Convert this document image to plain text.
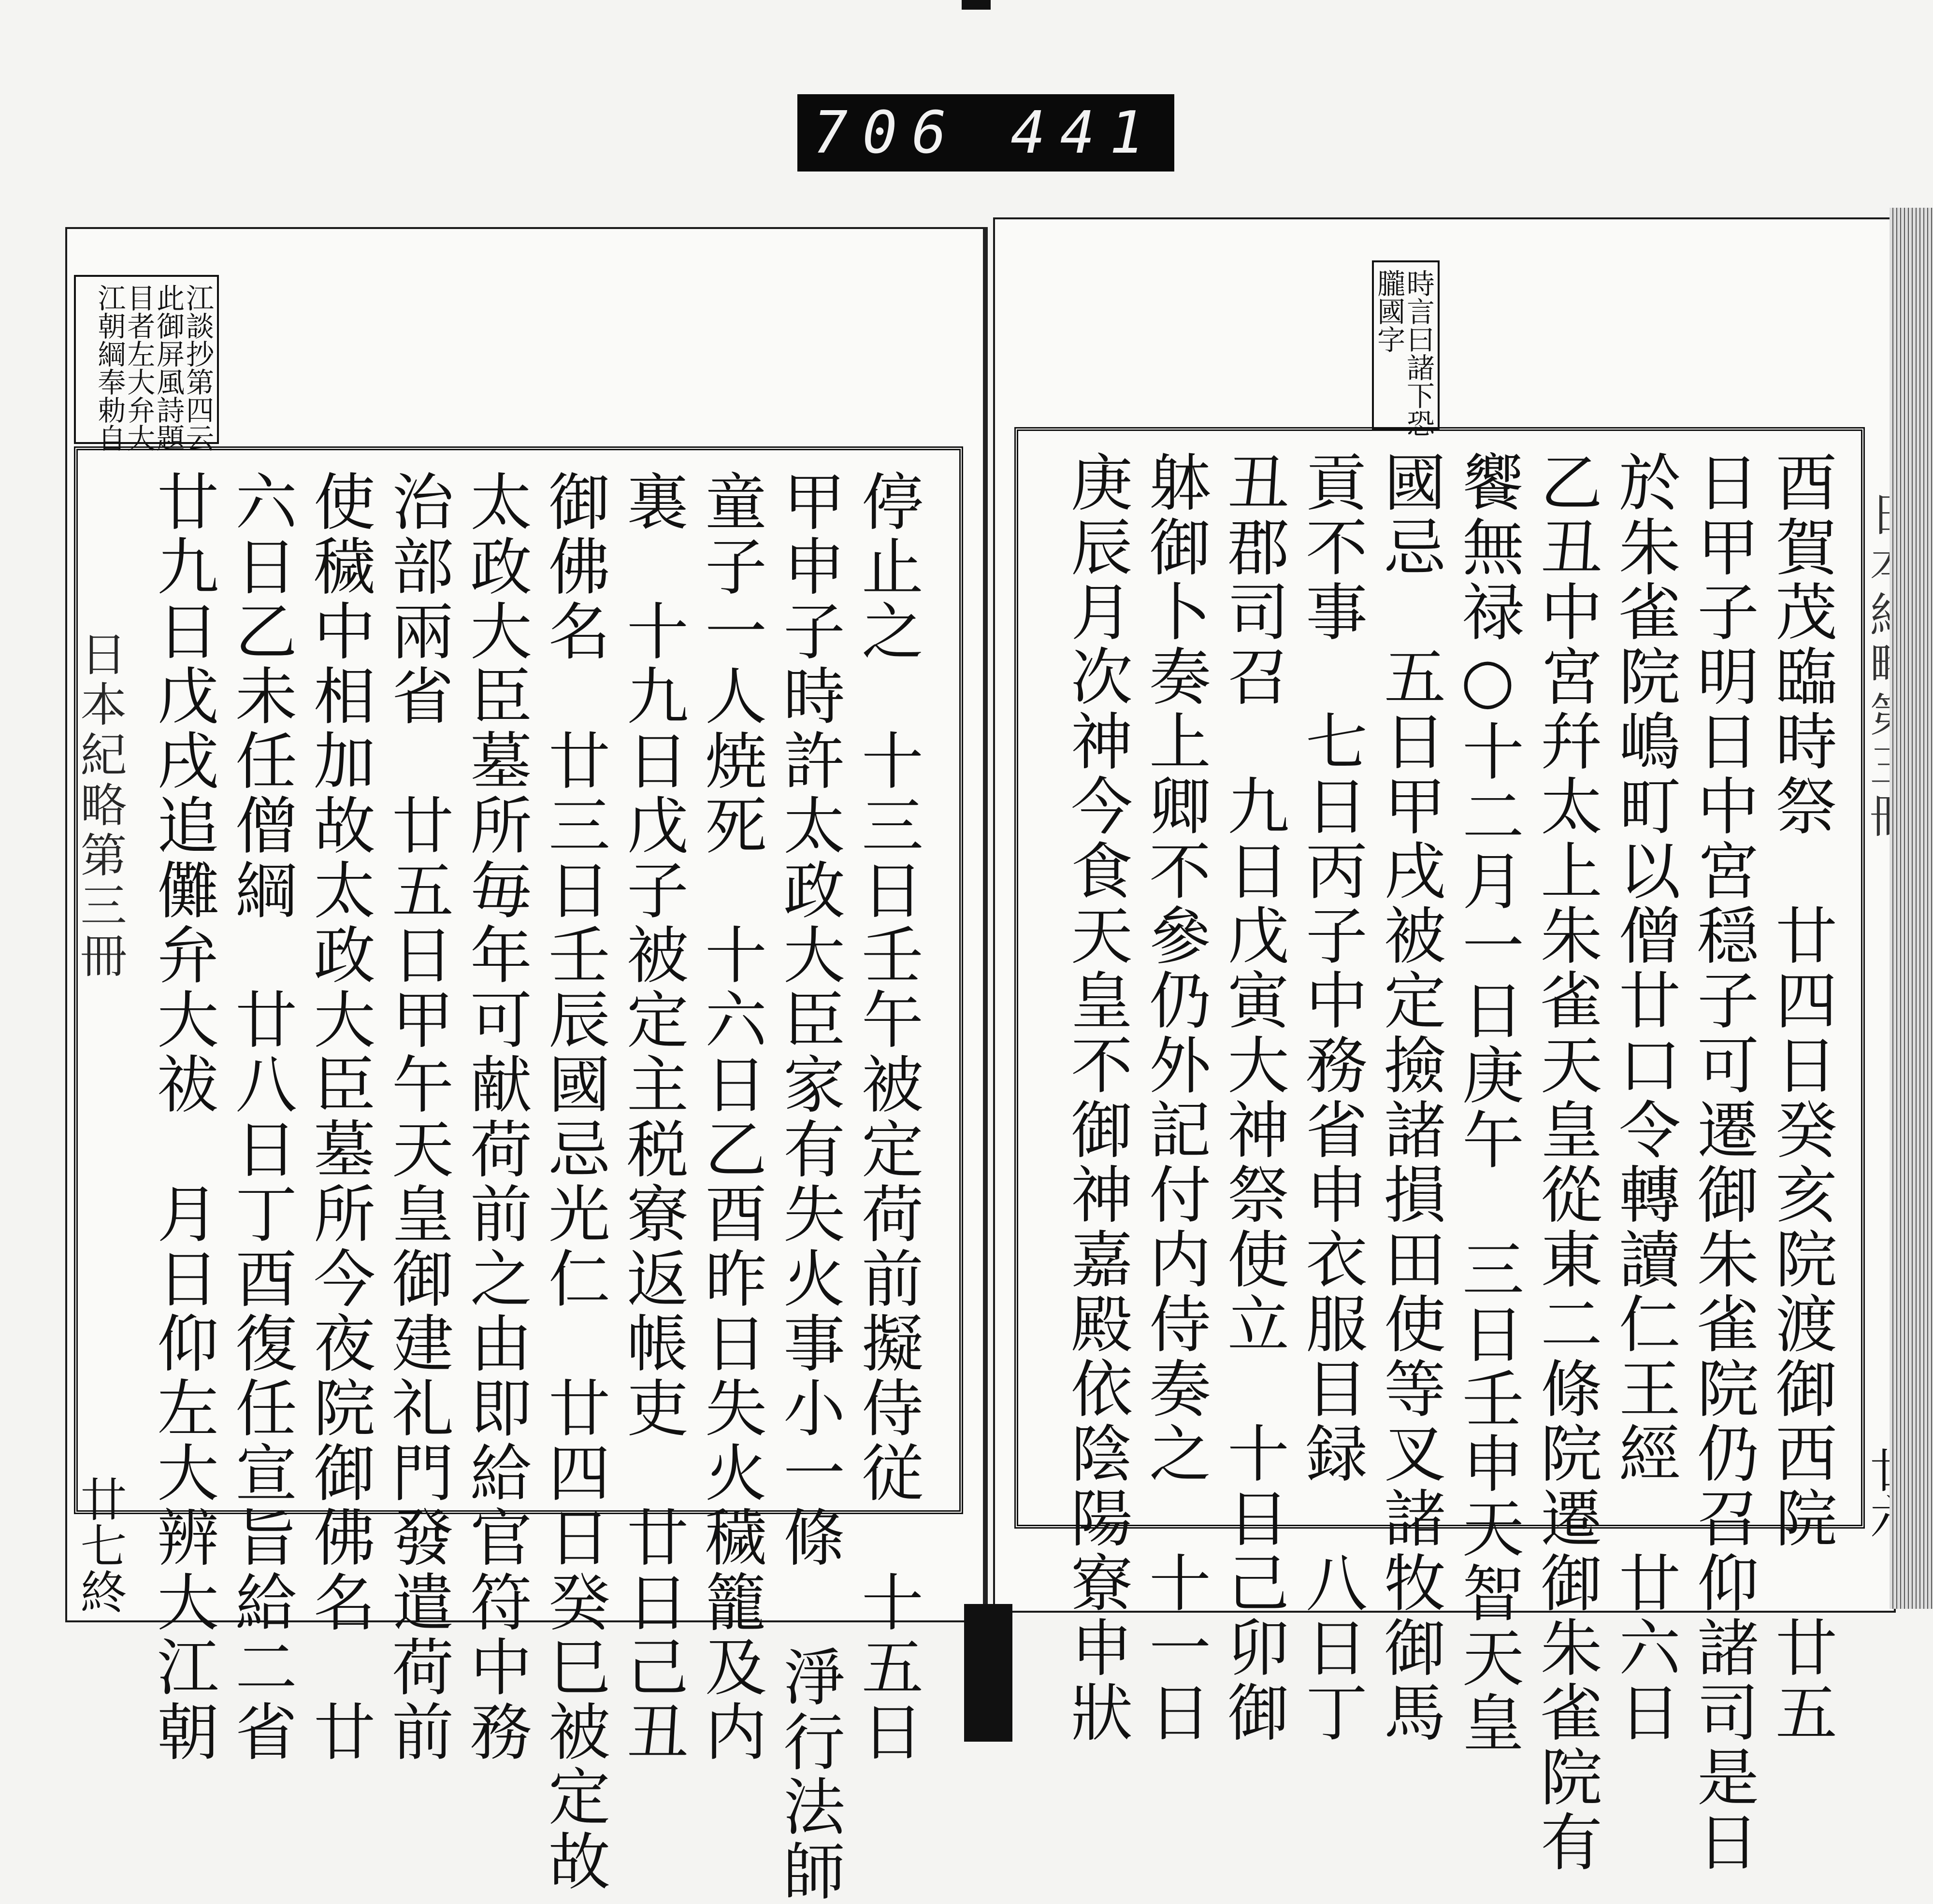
706 441
江談抄第四云
此御屏風詩題
目者左大弁大
江朝綱奉勅自
日本紀略第三冊
廿七終	停止之　十三日壬午被定荷前擬侍従　十五日
甲申子時許太政大臣家有失火事小一條 淨行法師
童子一人焼死　十六日乙酉昨日失火穢籠及内
裏　十九日戊子被定主税寮返帳吏　廿日己丑
御佛名　廿三日壬辰國忌光仁　廿四日癸巳被定故
太政大臣墓所毎年可献荷前之由即給官符中務
治部兩省　廿五日甲午天皇御建礼門發遣荷前
使穢中相加故太政大臣墓所今夜院御佛名　廿
六日乙未任僧綱　廿八日丁酉復任宣旨給二省
廿九日戊戌追儺弁大祓　月日仰左大辨大江朝
時言曰諸下恐
朧國字
酉賀茂臨時祭　廿四日癸亥院渡御西院　廿五
日甲子明日中宮穏子可遷御朱雀院仍召仰諸司是日
於朱雀院嶋町以僧廿口令轉讀仁王經　廿六日
乙丑中宮幷太上朱雀天皇從東二條院遷御朱雀院有
饗無禄○十二月一日庚午　三日壬申天智天皇
國忌　五日甲戌被定撿諸損田使等叉諸牧御馬
貢不事　七日丙子中務省申衣服目録　八日丁
丑郡司召　九日戊寅大神祭使立　十日己卯御
躰御卜奏上卿不參仍外記付内侍奏之　十一日
庚辰月次神今食天皇不御神嘉殿依陰陽寮申狀
